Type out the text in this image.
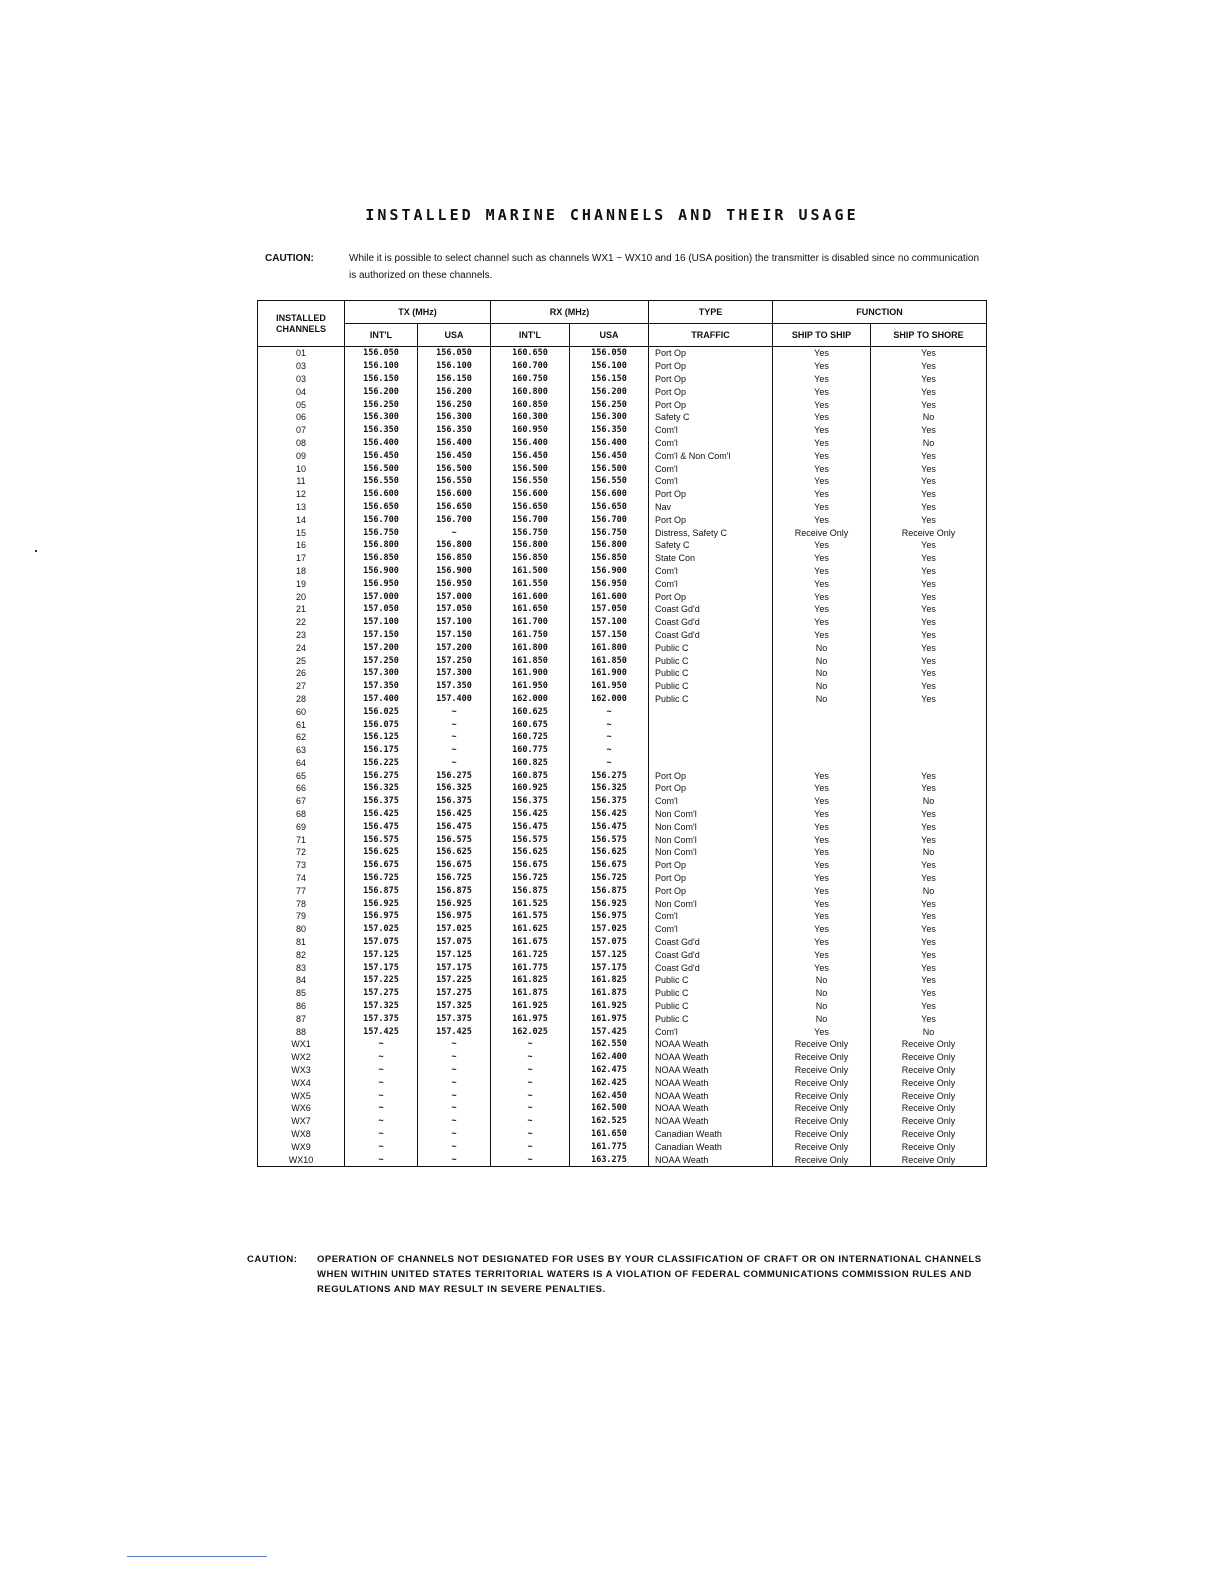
INSTALLED MARINE CHANNELS AND THEIR USAGE
CAUTION:	While it is possible to select channel such as channels WX1 ~ WX10 and 16 (USA position) the transmitter is disabled since no communication is authorized on these channels.
INSTALLED CHANNELS	TX (MHz)		RX (MHz)		TYPE	FUNCTION	
	INT'L	USA	INT'L	USA	TRAFFIC	SHIP TO SHIP	SHIP TO SHORE
01	156.050	156.050	160.650	156.050	Port Op	Yes	Yes
03	156.100	156.100	160.700	156.100	Port Op	Yes	Yes
03	156.150	156.150	160.750	156.150	Port Op	Yes	Yes
04	156.200	156.200	160.800	156.200	Port Op	Yes	Yes
05	156.250	156.250	160.850	156.250	Port Op	Yes	Yes
06	156.300	156.300	160.300	156.300	Safety C	Yes	No
07	156.350	156.350	160.950	156.350	Com'l	Yes	Yes
08	156.400	156.400	156.400	156.400	Com'l	Yes	No
09	156.450	156.450	156.450	156.450	Com'l & Non Com'l	Yes	Yes
10	156.500	156.500	156.500	156.500	Com'l	Yes	Yes
11	156.550	156.550	156.550	156.550	Com'l	Yes	Yes
12	156.600	156.600	156.600	156.600	Port Op	Yes	Yes
13	156.650	156.650	156.650	156.650	Nav	Yes	Yes
14	156.700	156.700	156.700	156.700	Port Op	Yes	Yes
15	156.750	~	156.750	156.750	Distress, Safety C	Receive Only	Receive Only
16	156.800	156.800	156.800	156.800	Safety C	Yes	Yes
17	156.850	156.850	156.850	156.850	State Con	Yes	Yes
18	156.900	156.900	161.500	156.900	Com'l	Yes	Yes
19	156.950	156.950	161.550	156.950	Com'l	Yes	Yes
20	157.000	157.000	161.600	161.600	Port Op	Yes	Yes
21	157.050	157.050	161.650	157.050	Coast Gd'd	Yes	Yes
22	157.100	157.100	161.700	157.100	Coast Gd'd	Yes	Yes
23	157.150	157.150	161.750	157.150	Coast Gd'd	Yes	Yes
24	157.200	157.200	161.800	161.800	Public C	No	Yes
25	157.250	157.250	161.850	161.850	Public C	No	Yes
26	157.300	157.300	161.900	161.900	Public C	No	Yes
27	157.350	157.350	161.950	161.950	Public C	No	Yes
28	157.400	157.400	162.000	162.000	Public C	No	Yes
60	156.025	~	160.625	~			
61	156.075	~	160.675	~			
62	156.125	~	160.725	~			
63	156.175	~	160.775	~			
64	156.225	~	160.825	~			
65	156.275	156.275	160.875	156.275	Port Op	Yes	Yes
66	156.325	156.325	160.925	156.325	Port Op	Yes	Yes
67	156.375	156.375	156.375	156.375	Com'l	Yes	No
68	156.425	156.425	156.425	156.425	Non Com'l	Yes	Yes
69	156.475	156.475	156.475	156.475	Non Com'l	Yes	Yes
71	156.575	156.575	156.575	156.575	Non Com'l	Yes	Yes
72	156.625	156.625	156.625	156.625	Non Com'l	Yes	No
73	156.675	156.675	156.675	156.675	Port Op	Yes	Yes
74	156.725	156.725	156.725	156.725	Port Op	Yes	Yes
77	156.875	156.875	156.875	156.875	Port Op	Yes	No
78	156.925	156.925	161.525	156.925	Non Com'l	Yes	Yes
79	156.975	156.975	161.575	156.975	Com'l	Yes	Yes
80	157.025	157.025	161.625	157.025	Com'l	Yes	Yes
81	157.075	157.075	161.675	157.075	Coast Gd'd	Yes	Yes
82	157.125	157.125	161.725	157.125	Coast Gd'd	Yes	Yes
83	157.175	157.175	161.775	157.175	Coast Gd'd	Yes	Yes
84	157.225	157.225	161.825	161.825	Public C	No	Yes
85	157.275	157.275	161.875	161.875	Public C	No	Yes
86	157.325	157.325	161.925	161.925	Public C	No	Yes
87	157.375	157.375	161.975	161.975	Public C	No	Yes
88	157.425	157.425	162.025	157.425	Com'l	Yes	No
WX1	~	~	~	162.550	NOAA Weath	Receive Only	Receive Only
WX2	~	~	~	162.400	NOAA Weath	Receive Only	Receive Only
WX3	~	~	~	162.475	NOAA Weath	Receive Only	Receive Only
WX4	~	~	~	162.425	NOAA Weath	Receive Only	Receive Only
WX5	~	~	~	162.450	NOAA Weath	Receive Only	Receive Only
WX6	~	~	~	162.500	NOAA Weath	Receive Only	Receive Only
WX7	~	~	~	162.525	NOAA Weath	Receive Only	Receive Only
WX8	~	~	~	161.650	Canadian Weath	Receive Only	Receive Only
WX9	~	~	~	161.775	Canadian Weath	Receive Only	Receive Only
WX10	~	~	~	163.275	NOAA Weath	Receive Only	Receive Only
CAUTION: OPERATION OF CHANNELS NOT DESIGNATED FOR USES BY YOUR CLASSIFICATION OF CRAFT OR ON INTERNATIONAL CHANNELS WHEN WITHIN UNITED STATES TERRITORIAL WATERS IS A VIOLATION OF FEDERAL COMMUNICATIONS COMMISSION RULES AND REGULATIONS AND MAY RESULT IN SEVERE PENALTIES.
